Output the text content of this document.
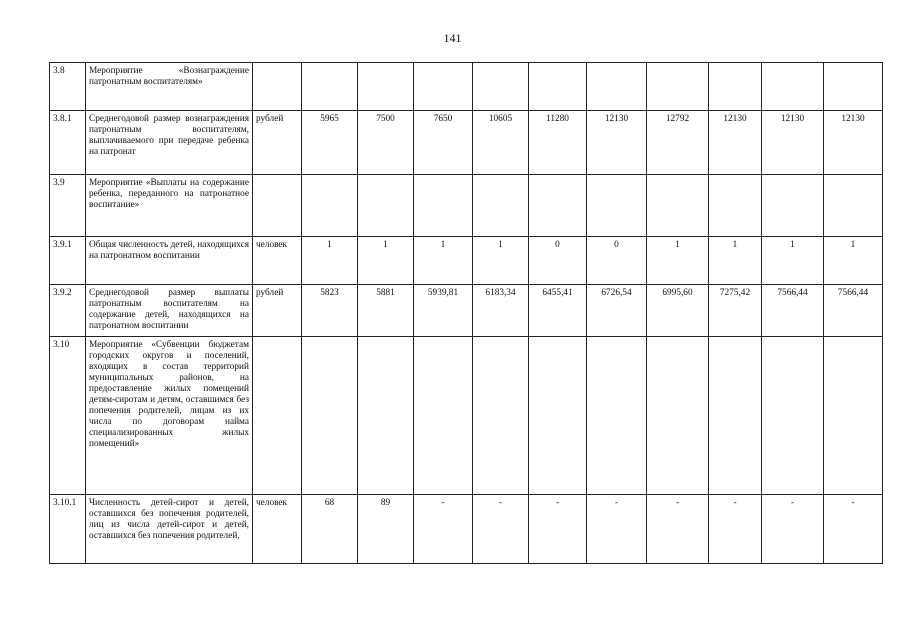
141
3.8	Мероприятие «Вознаграждение патронатным воспитателям»											
3.8.1	Среднегодовой размер вознаграждения патронатным воспитателям, выплачиваемого при передаче ребенка на патронат	рублей	5965	7500	7650	10605	11280	12130	12792	12130	12130	12130
3.9	Мероприятие «Выплаты на содержание ребенка, переданного на патронатное воспитание»											
3.9.1	Общая численность детей, находящихся на патронатном воспитании	человек	1	1	1	1	0	0	1	1	1	1
3.9.2	Среднегодовой размер выплаты патронатным воспитателям на содержание детей, находящихся на патронатном воспитании	рублей	5823	5881	5939,81	6183,34	6455,41	6726,54	6995,60	7275,42	7566,44	7566,44
3.10	Мероприятие «Субвенции бюджетам городских округов и поселений, входящих в состав территорий муниципальных районов, на предоставление жилых помещений детям-сиротам и детям, оставшимся без попечения родителей, лицам из их числа по договорам найма специализированных жилых помещений»											
3.10.1	Численность детей-сирот и детей, оставшихся без попечения родителей, лиц из числа детей-сирот и детей, оставшихся без попечения родителей,	человек	68	89	-	-	-	-	-	-	-	-
